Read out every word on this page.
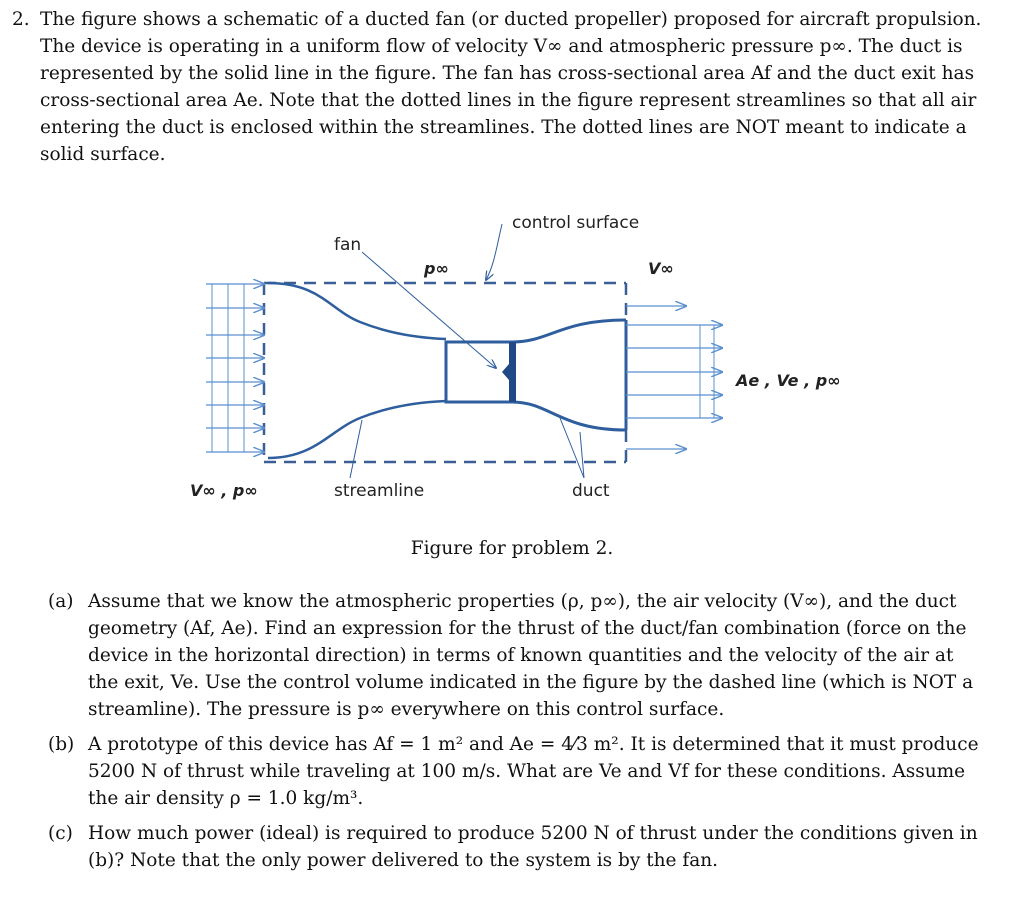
2. The figure shows a schematic of a ducted fan (or ducted propeller) proposed for aircraft propulsion. The device is operating in a uniform flow of velocity V∞ and atmospheric pressure p∞. The duct is represented by the solid line in the figure. The fan has cross-sectional area Af and the duct exit has cross-sectional area Ae. Note that the dotted lines in the figure represent streamlines so that all air entering the duct is enclosed within the streamlines. The dotted lines are NOT meant to indicate a solid surface.
fan
control surface
p∞	V∞
Ae , Ve , p∞
V∞ , p∞	streamline	duct
Figure for problem 2.
(a) Assume that we know the atmospheric properties (ρ, p∞), the air velocity (V∞), and the duct geometry (Af, Ae). Find an expression for the thrust of the duct/fan combination (force on the device in the horizontal direction) in terms of known quantities and the velocity of the air at the exit, Ve. Use the control volume indicated in the figure by the dashed line (which is NOT a streamline). The pressure is p∞ everywhere on this control surface.
(b) A prototype of this device has Af = 1 m² and Ae = 4⁄3 m². It is determined that it must produce 5200 N of thrust while traveling at 100 m/s. What are Ve and Vf for these conditions. Assume the air density ρ = 1.0 kg/m³.
(c) How much power (ideal) is required to produce 5200 N of thrust under the conditions given in (b)? Note that the only power delivered to the system is by the fan.
